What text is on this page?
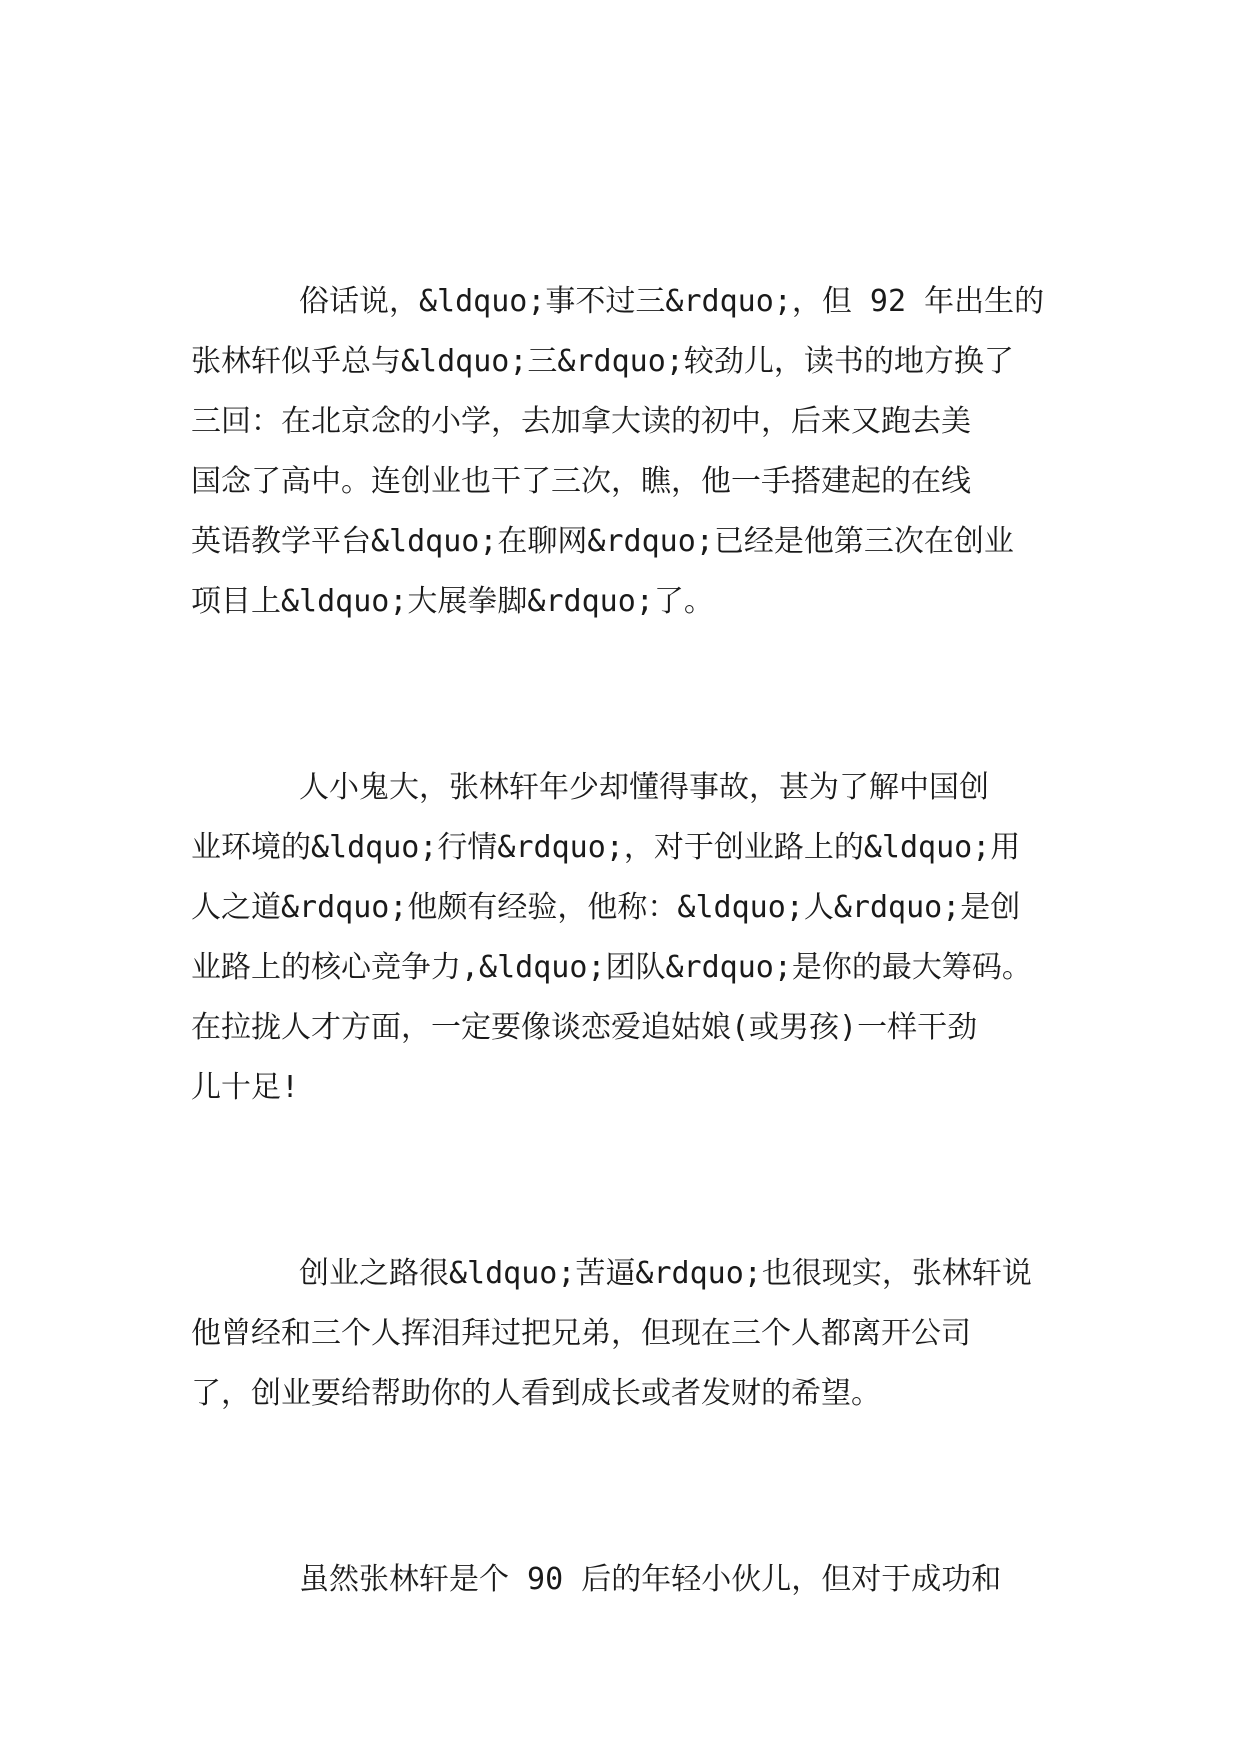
俗话说，&ldquo;事不过三&rdquo;，但 92 年出生的
张林轩似乎总与&ldquo;三&rdquo;较劲儿，读书的地方换了
三回：在北京念的小学，去加拿大读的初中，后来又跑去美
国念了高中。连创业也干了三次，瞧，他一手搭建起的在线
英语教学平台&ldquo;在聊网&rdquo;已经是他第三次在创业
项目上&ldquo;大展拳脚&rdquo;了。
人小鬼大，张林轩年少却懂得事故，甚为了解中国创
业环境的&ldquo;行情&rdquo;，对于创业路上的&ldquo;用
人之道&rdquo;他颇有经验，他称：&ldquo;人&rdquo;是创
业路上的核心竞争力,&ldquo;团队&rdquo;是你的最大筹码。
在拉拢人才方面，一定要像谈恋爱追姑娘(或男孩)一样干劲
儿十足!
创业之路很&ldquo;苦逼&rdquo;也很现实，张林轩说
他曾经和三个人挥泪拜过把兄弟，但现在三个人都离开公司
了，创业要给帮助你的人看到成长或者发财的希望。
虽然张林轩是个 90 后的年轻小伙儿，但对于成功和
